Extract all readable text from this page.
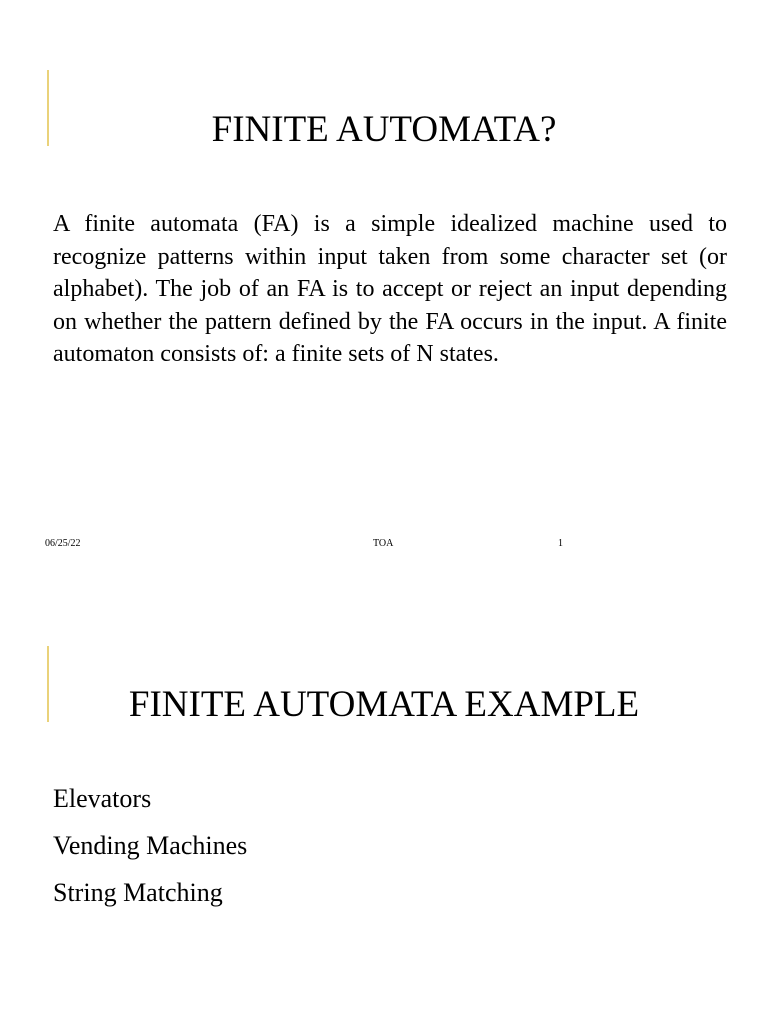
FINITE AUTOMATA?

A finite automata (FA) is a simple idealized machine used to recognize patterns within input taken from some character set (or alphabet). The job of an FA is to accept or reject an input depending on whether the pattern defined by the FA occurs in the input. A finite automaton consists of: a finite sets of N states.

06/25/22	TOA	1
FINITE AUTOMATA EXAMPLE
Elevators
Vending Machines
String Matching
